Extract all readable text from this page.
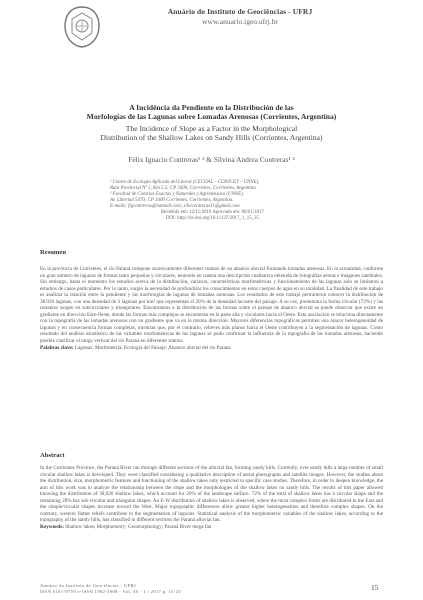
Anuário do Instituto de Geociências - UFRJ
www.anuario.igeo.ufrj.br
A Incidência da Pendiente en la Distribución de las
Morfologías de las Lagunas sobre Lomadas Arenosas (Corrientes, Argentina)
The Incidence of Slope as a Factor in the Morphological
Distribution of the Shallow Lakes on Sandy Hills (Corrientes, Argentina)
Félix Ignacio Contreras¹ ² & Silvina Andrea Contreras¹ ²
¹ Centro de Ecología Aplicada del Litoral (CECOAL – CONICET – UNNE),
Ruta Provincial Nº 5, Km 2,5; CP 3400, Corrientes, Corrientes, Argentina.
² Facultad de Ciencias Exactas y Naturales y Agrimensura (UNNE),
Av. Libertad 5470; CP 3400 Corrientes, Corrientes, Argentina.
E-mails: figcontreras@hotmail.com; silvicontreras11@gmail.com
Recebido em: 12/11/2016 Aprovado em: 06/01/2017
DOI: http://dx.doi.org/10.11137/2017_1_15_25
Resumen
En la provincia de Corrientes, el río Paraná compone sucesivamente diferentes tramos de un abanico aluvial formando lomadas arenosas. En la actualidad, conforme un gran número de lagunas de formas tanto pequeñas y circulares, teniendo en cuenta una descripción cualitativa obtenida de fotografías aéreas e imágenes satelitales. Sin embargo, hasta el momento los estudios acerca de la distribución, variaron, características morfométricas y funcionamiento de las lagunas solo se limitaron a estudios de casos particulares. Por lo tanto, surgió la necesidad de profundizar los conocimientos en estos cuerpos de agua en su totalidad. La finalidad de este trabajo es analizar la relación entre la pendiente y las morfologías de lagunas de lomadas arenosas. Los resultados de este trabajo permitieron conocer la distribución de 38.926 lagunas, con una densidad de 3 lagunas por km² que representan el 20% de la densidad lacustre del paisaje. A su vez, predomina la forma circular (72%) y las restantes surgen en subcirculares y triangulares. Encontramos a la distribución de las formas sobre el paisaje de abanico aluvial se puede observar que existe un gradiente en dirección Este-Oeste, donde las formas más complejas se encuentran en la parte alta y circulares hacia el Oeste. Esta asociación se relaciona directamente con la topografía de las lomadas arenosas con un gradiente que va en la misma dirección. Mayores diferencias topográficas permiten una mayor heterogeneidad de lagunas y en consecuencia formas complejas, mientras que, por el contrario, relieves más planos hacia el Oeste contribuyen a la segmentación de lagunas. Como resultado del análisis estadístico de las variables morfométricas de las lagunas se pudo confirmar la influencia de la topografía de las lomadas arenosas, haciendo posible clasificar el rango vertical del río Paraná en diferentes tramos.
Palabras clave: Lagunas; Morfometría; Ecología del Paisaje; Abanico aluvial del río Paraná
Abstract
In the Corrientes Province, the Paraná River ran through different sections of the alluvial fan, forming sandy hills. Currently, over sandy hills a large number of small circular shallow lakes is developed. They were classified considering a qualitative description of aerial photographs and satellite images. However, the studies about the distribution, size, morphometric features and functioning of the shallow lakes only restricted to specific case studies. Therefore, in order to deepen knowledge, the aim of this work was to analyze the relationship between the slope and the morphologies of the shallow lakes on sandy hills. The results of this paper allowed knowing the distribution of 38,926 shallow lakes, which account for 20% of the landscape surface. 72% of the total of shallow lakes has a circular shape and the remaining 28% has sub-circular and triangular shapes. An E-W distribution of shallow lakes is observed, where the most complex forms are distributed in the East and the simple/circular shapes increase toward the West. Major topographic differences allow greater higher heterogeneities and therefore complex shapes. On the contrary, western flatter reliefs contribute to the segmentation of lagoons. Statistical analysis of the morphometric variables of the shallow lakes, according to the topography of the sandy hills, has classified in different sections the Paraná alluvial fan.
Keywords: Shallow lakes; Morphometry; Geomorphology; Paraná River mega fan
Anuário do Instituto de Geociências - UFRJ
ISSN 0101-9759 e-ISSN 1982-3908 - Vol. 40 - 1 / 2017 p. 15-25	15
